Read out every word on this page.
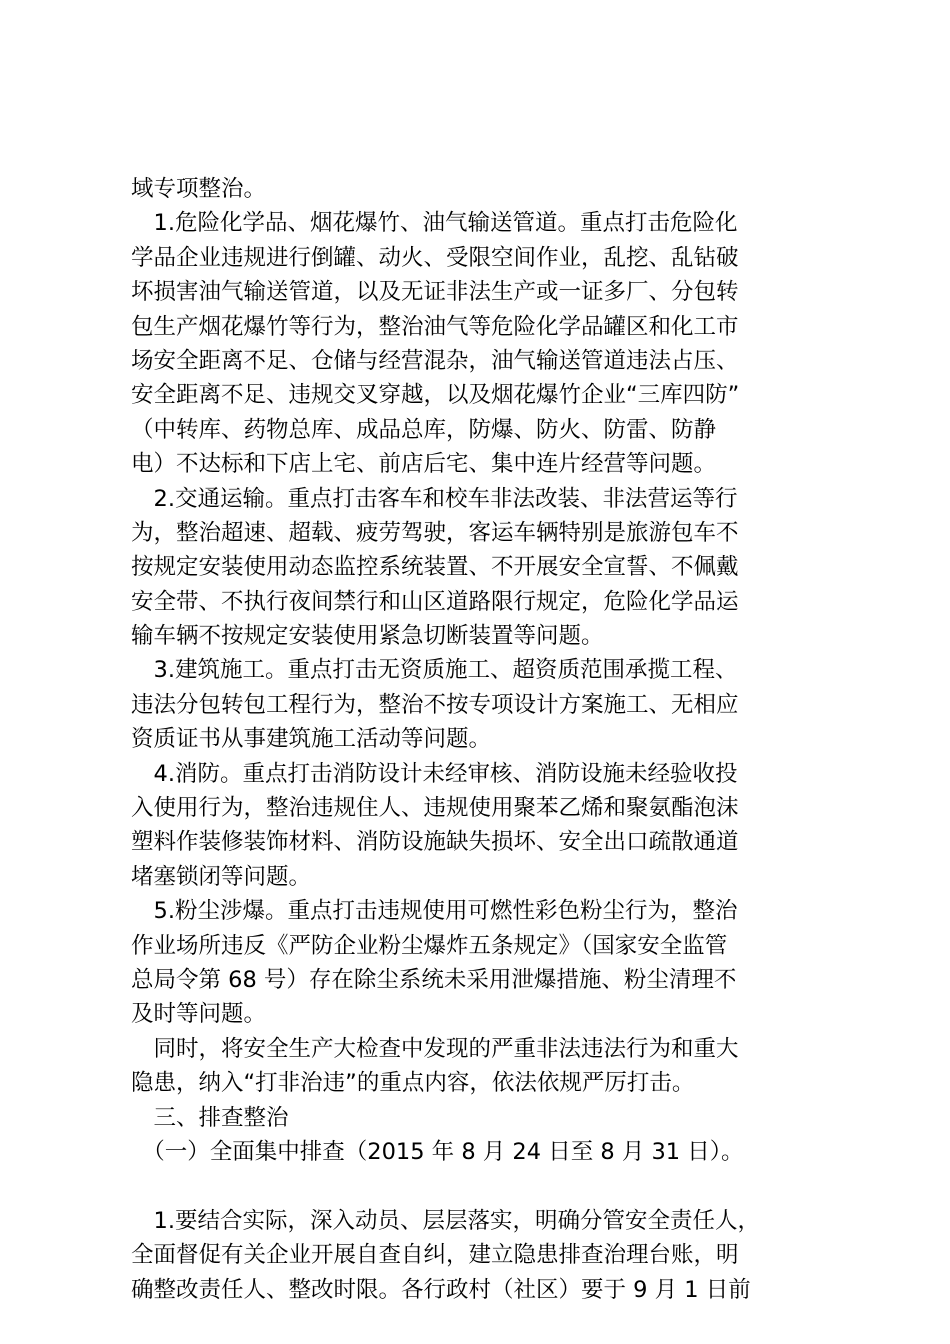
域专项整治。
　1.危险化学品、烟花爆竹、油气输送管道。重点打击危险化
学品企业违规进行倒罐、动火、受限空间作业，乱挖、乱钻破
坏损害油气输送管道，以及无证非法生产或一证多厂、分包转
包生产烟花爆竹等行为，整治油气等危险化学品罐区和化工市
场安全距离不足、仓储与经营混杂，油气输送管道违法占压、
安全距离不足、违规交叉穿越，以及烟花爆竹企业“三库四防”
（中转库、药物总库、成品总库，防爆、防火、防雷、防静
电）不达标和下店上宅、前店后宅、集中连片经营等问题。
　2.交通运输。重点打击客车和校车非法改装、非法营运等行
为，整治超速、超载、疲劳驾驶，客运车辆特别是旅游包车不
按规定安装使用动态监控系统装置、不开展安全宣誓、不佩戴
安全带、不执行夜间禁行和山区道路限行规定，危险化学品运
输车辆不按规定安装使用紧急切断装置等问题。
　3.建筑施工。重点打击无资质施工、超资质范围承揽工程、
违法分包转包工程行为，整治不按专项设计方案施工、无相应
资质证书从事建筑施工活动等问题。
　4.消防。重点打击消防设计未经审核、消防设施未经验收投
入使用行为，整治违规住人、违规使用聚苯乙烯和聚氨酯泡沫
塑料作装修装饰材料、消防设施缺失损坏、安全出口疏散通道
堵塞锁闭等问题。
　5.粉尘涉爆。重点打击违规使用可燃性彩色粉尘行为，整治
作业场所违反《严防企业粉尘爆炸五条规定》（国家安全监管
总局令第 68 号）存在除尘系统未采用泄爆措施、粉尘清理不
及时等问题。
　同时，将安全生产大检查中发现的严重非法违法行为和重大
隐患，纳入“打非治违”的重点内容，依法依规严厉打击。
　三、排查整治
　（一）全面集中排查（2015 年 8 月 24 日至 8 月 31 日）。
　1.要结合实际，深入动员、层层落实，明确分管安全责任人，
全面督促有关企业开展自查自纠，建立隐患排查治理台账，明
确整改责任人、整改时限。各行政村（社区）要于 9 月 1 日前
